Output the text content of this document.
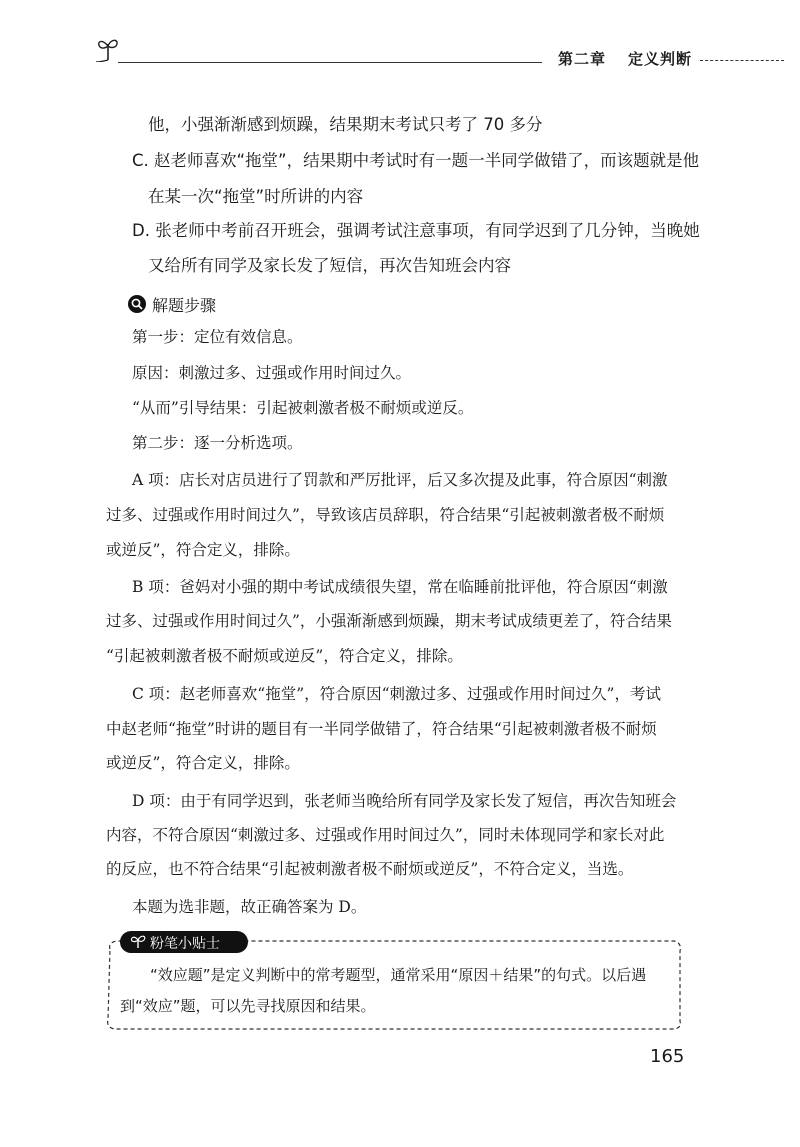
第二章 定义判断
他，小强渐渐感到烦躁，结果期末考试只考了 70 多分
C. 赵老师喜欢“拖堂”，结果期中考试时有一题一半同学做错了，而该题就是他
在某一次“拖堂”时所讲的内容
D. 张老师中考前召开班会，强调考试注意事项，有同学迟到了几分钟，当晚她
又给所有同学及家长发了短信，再次告知班会内容
解题步骤
第一步：定位有效信息。
原因：刺激过多、过强或作用时间过久。
“从而”引导结果：引起被刺激者极不耐烦或逆反。
第二步：逐一分析选项。
A 项：店长对店员进行了罚款和严厉批评，后又多次提及此事，符合原因“刺激
过多、过强或作用时间过久”，导致该店员辞职，符合结果“引起被刺激者极不耐烦
或逆反”，符合定义，排除。
B 项：爸妈对小强的期中考试成绩很失望，常在临睡前批评他，符合原因“刺激
过多、过强或作用时间过久”，小强渐渐感到烦躁，期末考试成绩更差了，符合结果
“引起被刺激者极不耐烦或逆反”，符合定义，排除。
C 项：赵老师喜欢“拖堂”，符合原因“刺激过多、过强或作用时间过久”，考试
中赵老师“拖堂”时讲的题目有一半同学做错了，符合结果“引起被刺激者极不耐烦
或逆反”，符合定义，排除。
D 项：由于有同学迟到，张老师当晚给所有同学及家长发了短信，再次告知班会
内容，不符合原因“刺激过多、过强或作用时间过久”，同时未体现同学和家长对此
的反应，也不符合结果“引起被刺激者极不耐烦或逆反”，不符合定义，当选。
本题为选非题，故正确答案为 D。
粉笔小贴士
“效应题”是定义判断中的常考题型，通常采用“原因＋结果”的句式。以后遇
到“效应”题，可以先寻找原因和结果。
165
